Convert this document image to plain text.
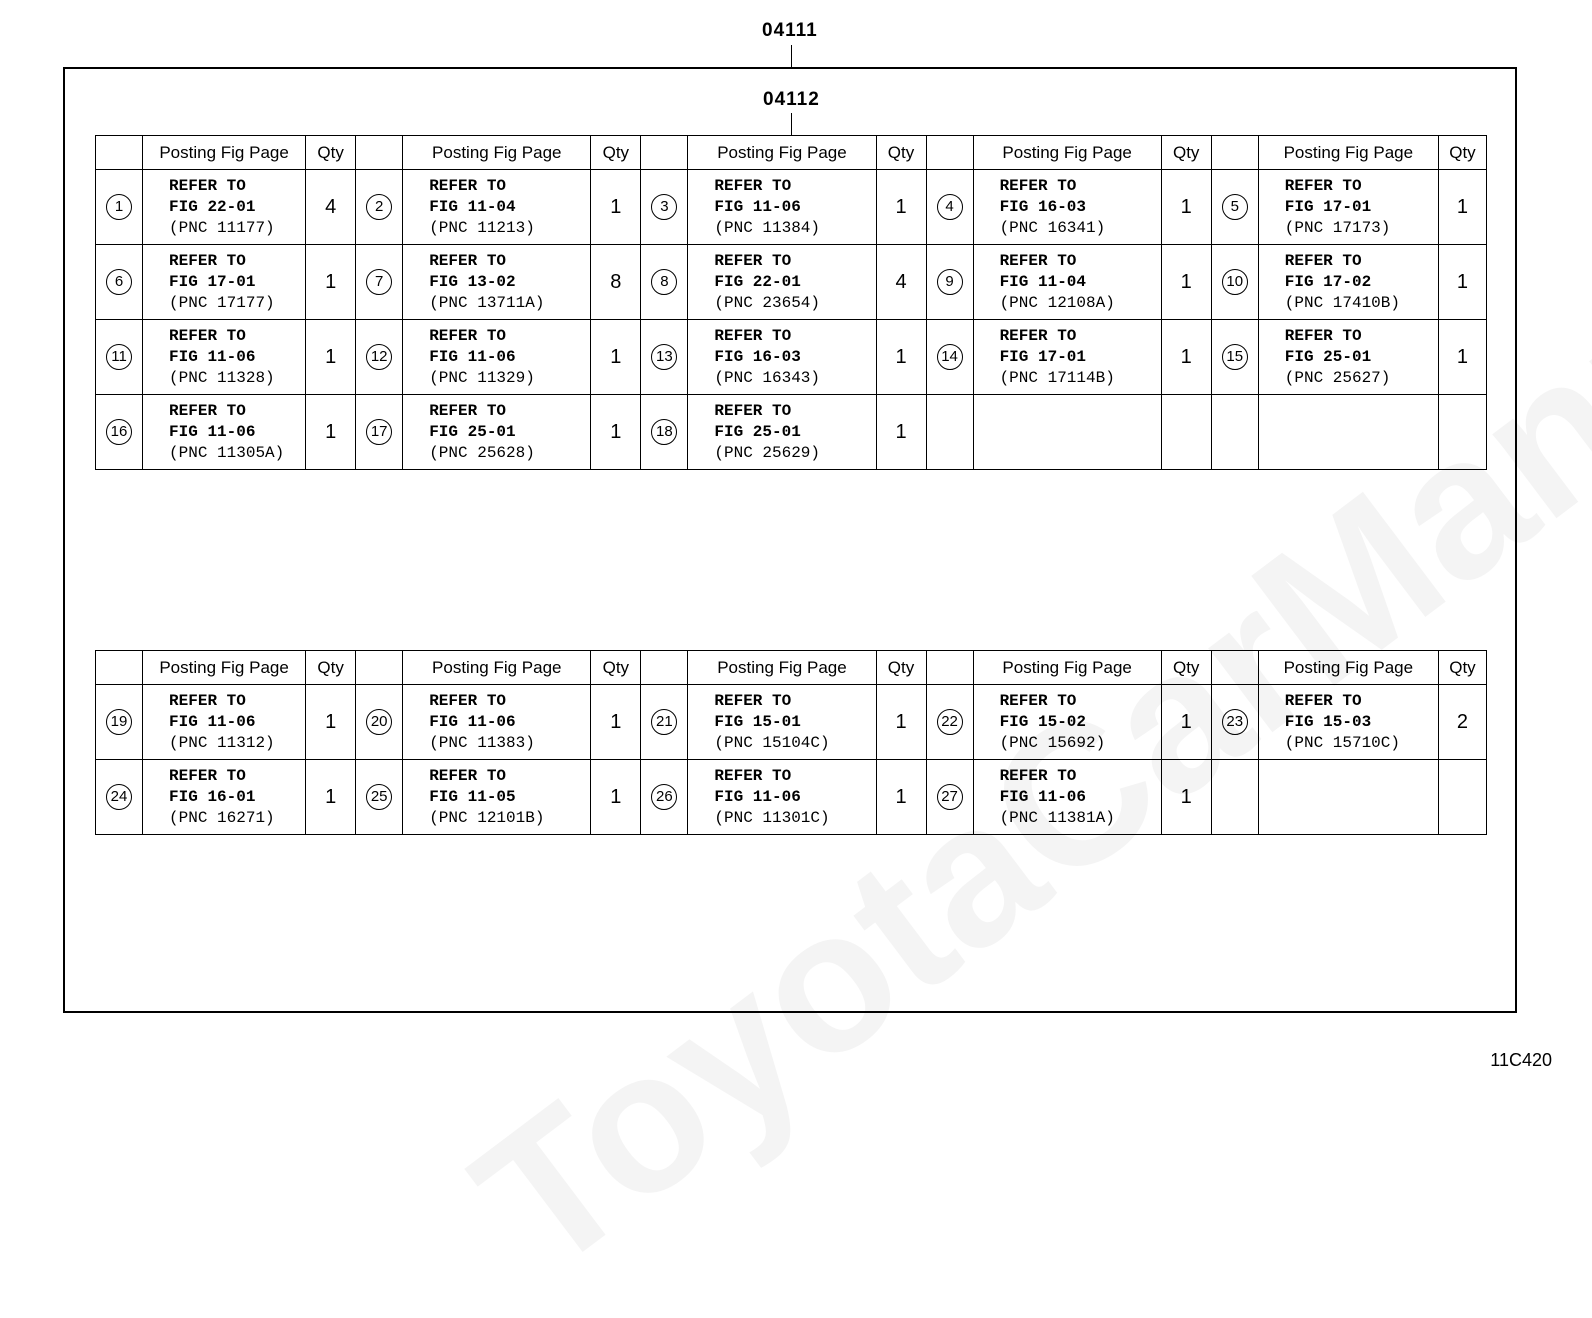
04111
04112
	Posting Fig Page	Qty		Posting Fig Page	Qty		Posting Fig Page	Qty		Posting Fig Page	Qty		Posting Fig Page	Qty
1	REFER TO
FIG 22-01
(PNC 11177)	4	2	REFER TO
FIG 11-04
(PNC 11213)	1	3	REFER TO
FIG 11-06
(PNC 11384)	1	4	REFER TO
FIG 16-03
(PNC 16341)	1	5	REFER TO
FIG 17-01
(PNC 17173)	1
6	REFER TO
FIG 17-01
(PNC 17177)	1	7	REFER TO
FIG 13-02
(PNC 13711A)	8	8	REFER TO
FIG 22-01
(PNC 23654)	4	9	REFER TO
FIG 11-04
(PNC 12108A)	1	10	REFER TO
FIG 17-02
(PNC 17410B)	1
11	REFER TO
FIG 11-06
(PNC 11328)	1	12	REFER TO
FIG 11-06
(PNC 11329)	1	13	REFER TO
FIG 16-03
(PNC 16343)	1	14	REFER TO
FIG 17-01
(PNC 17114B)	1	15	REFER TO
FIG 25-01
(PNC 25627)	1
16	REFER TO
FIG 11-06
(PNC 11305A)	1	17	REFER TO
FIG 25-01
(PNC 25628)	1	18	REFER TO
FIG 25-01
(PNC 25629)	1						
	Posting Fig Page	Qty		Posting Fig Page	Qty		Posting Fig Page	Qty		Posting Fig Page	Qty		Posting Fig Page	Qty
19	REFER TO
FIG 11-06
(PNC 11312)	1	20	REFER TO
FIG 11-06
(PNC 11383)	1	21	REFER TO
FIG 15-01
(PNC 15104C)	1	22	REFER TO
FIG 15-02
(PNC 15692)	1	23	REFER TO
FIG 15-03
(PNC 15710C)	2
24	REFER TO
FIG 16-01
(PNC 16271)	1	25	REFER TO
FIG 11-05
(PNC 12101B)	1	26	REFER TO
FIG 11-06
(PNC 11301C)	1	27	REFER TO
FIG 11-06
(PNC 11381A)	1			
11C420
